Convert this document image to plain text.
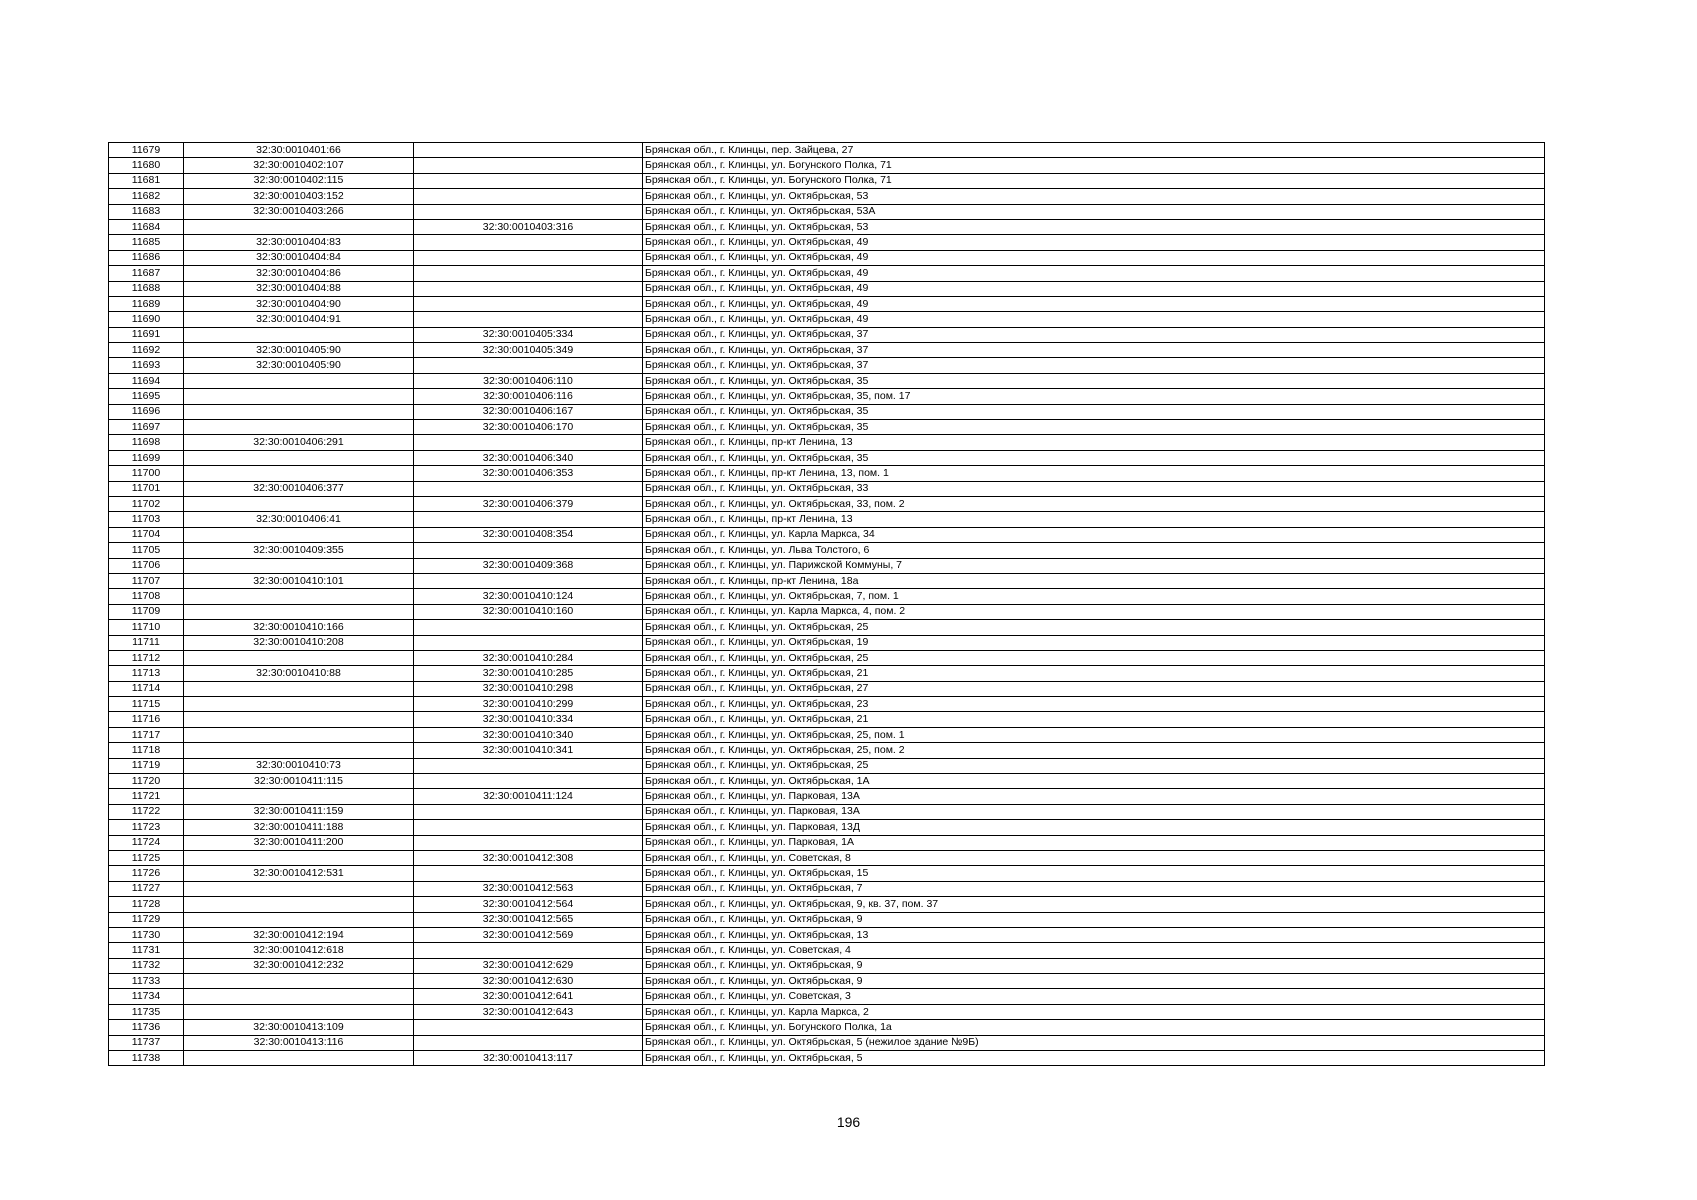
11679	32:30:0010401:66		Брянская обл., г. Клинцы, пер. Зайцева, 27
11680	32:30:0010402:107		Брянская обл., г. Клинцы, ул. Богунского Полка, 71
11681	32:30:0010402:115		Брянская обл., г. Клинцы, ул. Богунского Полка, 71
11682	32:30:0010403:152		Брянская обл., г. Клинцы, ул. Октябрьская, 53
11683	32:30:0010403:266		Брянская обл., г. Клинцы, ул. Октябрьская, 53А
11684		32:30:0010403:316	Брянская обл., г. Клинцы, ул. Октябрьская, 53
11685	32:30:0010404:83		Брянская обл., г. Клинцы, ул. Октябрьская, 49
11686	32:30:0010404:84		Брянская обл., г. Клинцы, ул. Октябрьская, 49
11687	32:30:0010404:86		Брянская обл., г. Клинцы, ул. Октябрьская, 49
11688	32:30:0010404:88		Брянская обл., г. Клинцы, ул. Октябрьская, 49
11689	32:30:0010404:90		Брянская обл., г. Клинцы, ул. Октябрьская, 49
11690	32:30:0010404:91		Брянская обл., г. Клинцы, ул. Октябрьская, 49
11691		32:30:0010405:334	Брянская обл., г. Клинцы, ул. Октябрьская, 37
11692	32:30:0010405:90	32:30:0010405:349	Брянская обл., г. Клинцы, ул. Октябрьская, 37
11693	32:30:0010405:90		Брянская обл., г. Клинцы, ул. Октябрьская, 37
11694		32:30:0010406:110	Брянская обл., г. Клинцы, ул. Октябрьская, 35
11695		32:30:0010406:116	Брянская обл., г. Клинцы, ул. Октябрьская, 35, пом. 17
11696		32:30:0010406:167	Брянская обл., г. Клинцы, ул. Октябрьская, 35
11697		32:30:0010406:170	Брянская обл., г. Клинцы, ул. Октябрьская, 35
11698	32:30:0010406:291		Брянская обл., г. Клинцы, пр-кт Ленина, 13
11699		32:30:0010406:340	Брянская обл., г. Клинцы, ул. Октябрьская, 35
11700		32:30:0010406:353	Брянская обл., г. Клинцы, пр-кт Ленина, 13, пом. 1
11701	32:30:0010406:377		Брянская обл., г. Клинцы, ул. Октябрьская, 33
11702		32:30:0010406:379	Брянская обл., г. Клинцы, ул. Октябрьская, 33, пом. 2
11703	32:30:0010406:41		Брянская обл., г. Клинцы, пр-кт Ленина, 13
11704		32:30:0010408:354	Брянская обл., г. Клинцы, ул. Карла Маркса, 34
11705	32:30:0010409:355		Брянская обл., г. Клинцы, ул. Льва Толстого, 6
11706		32:30:0010409:368	Брянская обл., г. Клинцы, ул. Парижской Коммуны, 7
11707	32:30:0010410:101		Брянская обл., г. Клинцы, пр-кт Ленина, 18а
11708		32:30:0010410:124	Брянская обл., г. Клинцы, ул. Октябрьская, 7, пом. 1
11709		32:30:0010410:160	Брянская обл., г. Клинцы, ул. Карла Маркса, 4, пом. 2
11710	32:30:0010410:166		Брянская обл., г. Клинцы, ул. Октябрьская, 25
11711	32:30:0010410:208		Брянская обл., г. Клинцы, ул. Октябрьская, 19
11712		32:30:0010410:284	Брянская обл., г. Клинцы, ул. Октябрьская, 25
11713	32:30:0010410:88	32:30:0010410:285	Брянская обл., г. Клинцы, ул. Октябрьская, 21
11714		32:30:0010410:298	Брянская обл., г. Клинцы, ул. Октябрьская, 27
11715		32:30:0010410:299	Брянская обл., г. Клинцы, ул. Октябрьская, 23
11716		32:30:0010410:334	Брянская обл., г. Клинцы, ул. Октябрьская, 21
11717		32:30:0010410:340	Брянская обл., г. Клинцы, ул. Октябрьская, 25, пом. 1
11718		32:30:0010410:341	Брянская обл., г. Клинцы, ул. Октябрьская, 25, пом. 2
11719	32:30:0010410:73		Брянская обл., г. Клинцы, ул. Октябрьская, 25
11720	32:30:0010411:115		Брянская обл., г. Клинцы, ул. Октябрьская, 1А
11721		32:30:0010411:124	Брянская обл., г. Клинцы, ул. Парковая, 13А
11722	32:30:0010411:159		Брянская обл., г. Клинцы, ул. Парковая, 13А
11723	32:30:0010411:188		Брянская обл., г. Клинцы, ул. Парковая, 13Д
11724	32:30:0010411:200		Брянская обл., г. Клинцы, ул. Парковая, 1А
11725		32:30:0010412:308	Брянская обл., г. Клинцы, ул. Советская, 8
11726	32:30:0010412:531		Брянская обл., г. Клинцы, ул. Октябрьская, 15
11727		32:30:0010412:563	Брянская обл., г. Клинцы, ул. Октябрьская, 7
11728		32:30:0010412:564	Брянская обл., г. Клинцы, ул. Октябрьская, 9, кв. 37, пом. 37
11729		32:30:0010412:565	Брянская обл., г. Клинцы, ул. Октябрьская, 9
11730	32:30:0010412:194	32:30:0010412:569	Брянская обл., г. Клинцы, ул. Октябрьская, 13
11731	32:30:0010412:618		Брянская обл., г. Клинцы, ул. Советская, 4
11732	32:30:0010412:232	32:30:0010412:629	Брянская обл., г. Клинцы, ул. Октябрьская, 9
11733		32:30:0010412:630	Брянская обл., г. Клинцы, ул. Октябрьская, 9
11734		32:30:0010412:641	Брянская обл., г. Клинцы, ул. Советская, 3
11735		32:30:0010412:643	Брянская обл., г. Клинцы, ул. Карла Маркса, 2
11736	32:30:0010413:109		Брянская обл., г. Клинцы, ул. Богунского Полка, 1а
11737	32:30:0010413:116		Брянская обл., г. Клинцы, ул. Октябрьская, 5 (нежилое здание №9Б)
11738		32:30:0010413:117	Брянская обл., г. Клинцы, ул. Октябрьская, 5
196
